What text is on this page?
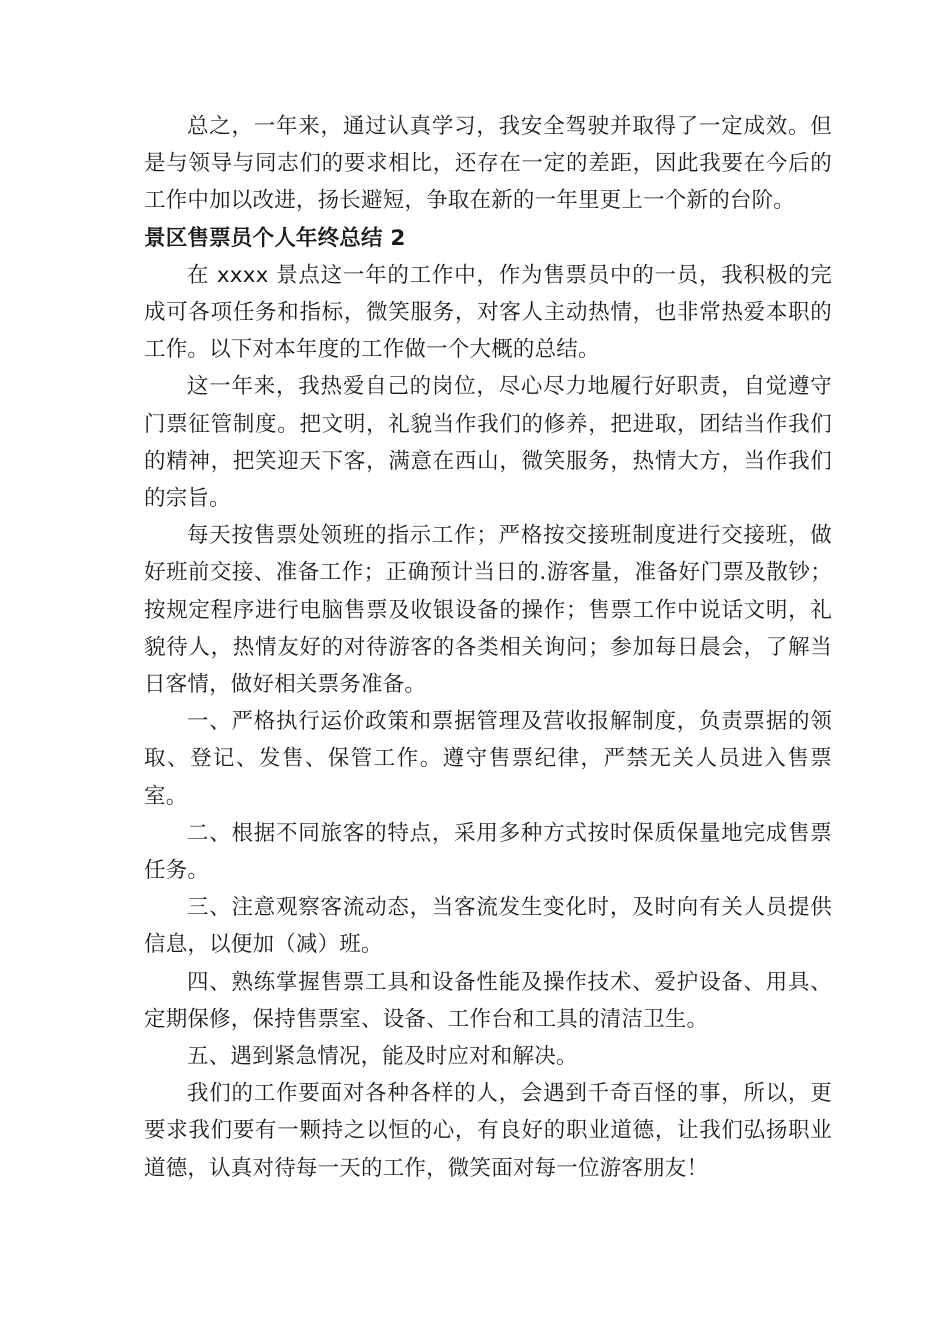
总之，一年来，通过认真学习，我安全驾驶并取得了一定成效。但是与领导与同志们的要求相比，还存在一定的差距，因此我要在今后的工作中加以改进，扬长避短，争取在新的一年里更上一个新的台阶。

景区售票员个人年终总结 2

在 xxxx 景点这一年的工作中，作为售票员中的一员，我积极的完成可各项任务和指标，微笑服务，对客人主动热情，也非常热爱本职的工作。以下对本年度的工作做一个大概的总结。

这一年来，我热爱自己的岗位，尽心尽力地履行好职责，自觉遵守门票征管制度。把文明，礼貌当作我们的修养，把进取，团结当作我们的精神，把笑迎天下客，满意在西山，微笑服务，热情大方，当作我们的宗旨。

每天按售票处领班的指示工作；严格按交接班制度进行交接班，做好班前交接、准备工作；正确预计当日的.游客量，准备好门票及散钞；按规定程序进行电脑售票及收银设备的操作；售票工作中说话文明，礼貌待人，热情友好的对待游客的各类相关询问；参加每日晨会，了解当日客情，做好相关票务准备。

一、严格执行运价政策和票据管理及营收报解制度，负责票据的领取、登记、发售、保管工作。遵守售票纪律，严禁无关人员进入售票室。

二、根据不同旅客的特点，采用多种方式按时保质保量地完成售票任务。

三、注意观察客流动态，当客流发生变化时，及时向有关人员提供信息，以便加（减）班。

四、熟练掌握售票工具和设备性能及操作技术、爱护设备、用具、定期保修，保持售票室、设备、工作台和工具的清洁卫生。

五、遇到紧急情况，能及时应对和解决。

我们的工作要面对各种各样的人，会遇到千奇百怪的事，所以，更要求我们要有一颗持之以恒的心，有良好的职业道德，让我们弘扬职业道德，认真对待每一天的工作，微笑面对每一位游客朋友！
